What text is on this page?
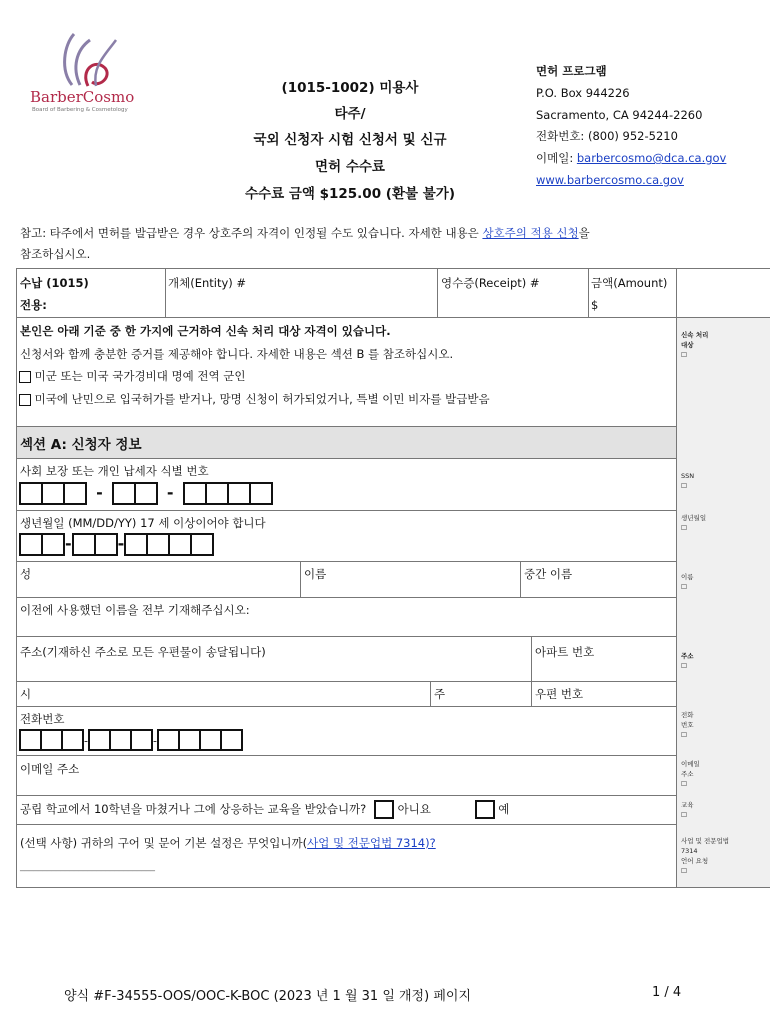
BarberCosmo
Board of Barbering & Cosmetology
(1015-1002) 미용사
타주/
국외 신청자 시험 신청서 및 신규
면허 수수료
수수료 금액 $125.00 (환불 불가)
면허 프로그램
P.O. Box 944226
Sacramento, CA 94244-2260
전화번호: (800) 952-5210
이메일: barbercosmo@dca.ca.gov
www.barbercosmo.ca.gov
참고: 타주에서 면허를 발급받은 경우 상호주의 자격이 인정될 수도 있습니다. 자세한 내용은 상호주의 적용 신청을
참조하십시오.
수납 (1015)
전용:
개체(Entity) #	영수증(Receipt) #	금액(Amount)
$
본인은 아래 기준 중 한 가지에 근거하여 신속 처리 대상 자격이 있습니다.
신청서와 함께 충분한 증거를 제공해야 합니다. 자세한 내용은 섹션 B 를 참조하십시오.
미군 또는 미국 국가경비대 명예 전역 군인
미국에 난민으로 입국허가를 받거나, 망명 신청이 허가되었거나, 특별 이민 비자를 발급받음
섹션 A: 신청자 정보
사회 보장 또는 개인 납세자 식별 번호
-	-
생년월일 (MM/DD/YY) 17 세 이상이어야 합니다
-	-
성	이름	중간 이름
이전에 사용했던 이름을 전부 기재해주십시오:
주소(기재하신 주소로 모든 우편물이 송달됩니다)	아파트 번호
시	주	우편 번호
전화번호
-	-
이메일 주소
공립 학교에서 10학년을 마쳤거나 그에 상응하는 교육을 받았습니까?	아니요	예
(선택 사항) 귀하의 구어 및 문어 기본 설정은 무엇입니까(사업 및 전문업법 7314)?
______________________________
신속 처리
대상
☐
SSN
☐
생년월일
☐
이름
☐
주소
☐
전화
번호
☐
이메일
주소
☐
교육
☐
사업 및 전문업법
7314
언어 요청
☐
양식 #F-34555-OOS/OOC-K-BOC (2023 년 1 월 31 일 개정) 페이지	1 / 4
